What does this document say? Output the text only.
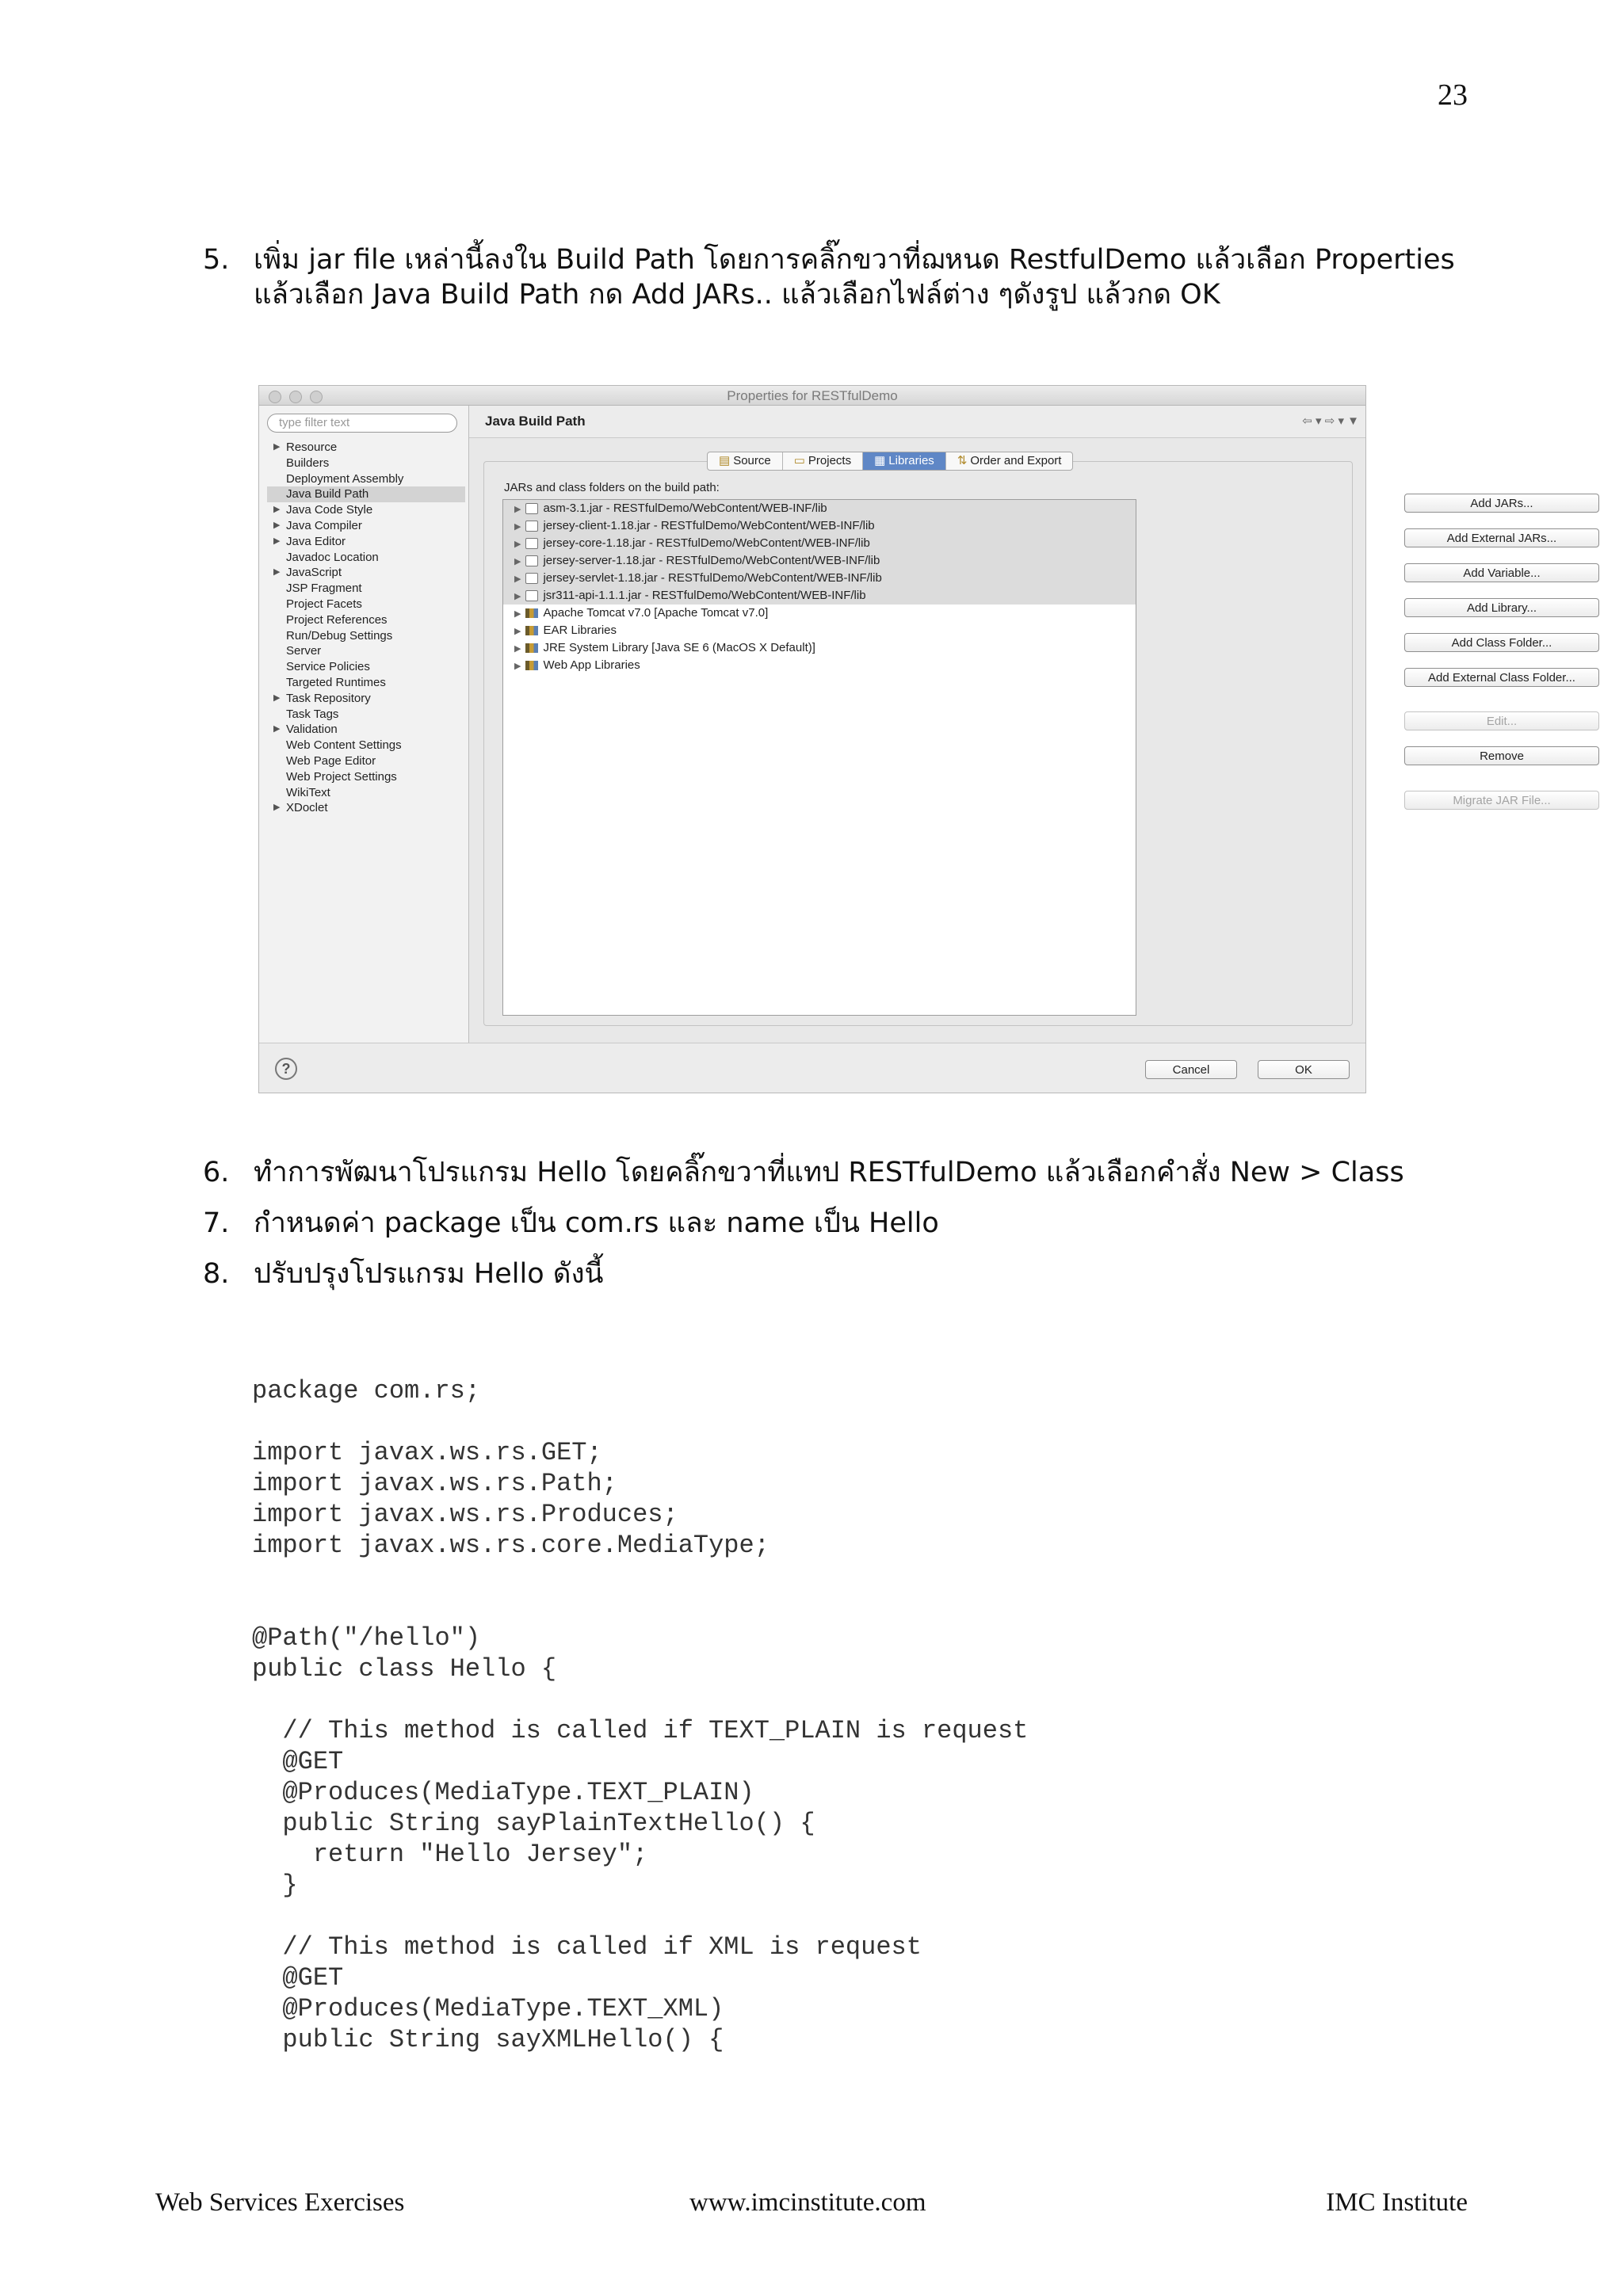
23
5. เพิ่ม jar file เหล่านี้ลงใน Build Path โดยการคลิ๊กขวาที่ฌหนด RestfulDemo แล้วเลือก Properties
แล้วเลือก Java Build Path กด Add JARs.. แล้วเลือกไฟล์ต่าง ๆดังรูป แล้วกด OK
Properties for RESTfulDemo
type filter text
▶ Resource
Builders
Deployment Assembly
Java Build Path
▶ Java Code Style
▶ Java Compiler
▶ Java Editor
Javadoc Location
▶ JavaScript
JSP Fragment
Project Facets
Project References
Run/Debug Settings
Server
Service Policies
Targeted Runtimes
▶ Task Repository
Task Tags
▶ Validation
Web Content Settings
Web Page Editor
Web Project Settings
WikiText
▶ XDoclet
Java Build Path	⇦ ▾ ⇨ ▾ ▼
▤ Source	▭ Projects	▦ Libraries	⇅ Order and Export
JARs and class folders on the build path:
▶ asm-3.1.jar - RESTfulDemo/WebContent/WEB-INF/lib
▶ jersey-client-1.18.jar - RESTfulDemo/WebContent/WEB-INF/lib
▶ jersey-core-1.18.jar - RESTfulDemo/WebContent/WEB-INF/lib
▶ jersey-server-1.18.jar - RESTfulDemo/WebContent/WEB-INF/lib
▶ jersey-servlet-1.18.jar - RESTfulDemo/WebContent/WEB-INF/lib
▶ jsr311-api-1.1.1.jar - RESTfulDemo/WebContent/WEB-INF/lib
▶ Apache Tomcat v7.0 [Apache Tomcat v7.0]
▶ EAR Libraries
▶ JRE System Library [Java SE 6 (MacOS X Default)]
▶ Web App Libraries
Add JARs...
Add External JARs...
Add Variable...
Add Library...
Add Class Folder...
Add External Class Folder...
Edit...
Remove
Migrate JAR File...
?	Cancel	OK
6. ทำการพัฒนาโปรแกรม Hello โดยคลิ๊กขวาที่แทป RESTfulDemo แล้วเลือกคำสั่ง New > Class
7. กำหนดค่า package เป็น com.rs และ name เป็น Hello
8. ปรับปรุงโปรแกรม Hello ดังนี้
package com.rs;

import javax.ws.rs.GET;
import javax.ws.rs.Path;
import javax.ws.rs.Produces;
import javax.ws.rs.core.MediaType;

@Path("/hello")
public class Hello {

// This method is called if TEXT_PLAIN is request
@GET
@Produces(MediaType.TEXT_PLAIN)
public String sayPlainTextHello() {
return "Hello Jersey";
}

// This method is called if XML is request
@GET
@Produces(MediaType.TEXT_XML)
public String sayXMLHello() {
Web Services Exercises	www.imcinstitute.com	IMC Institute
